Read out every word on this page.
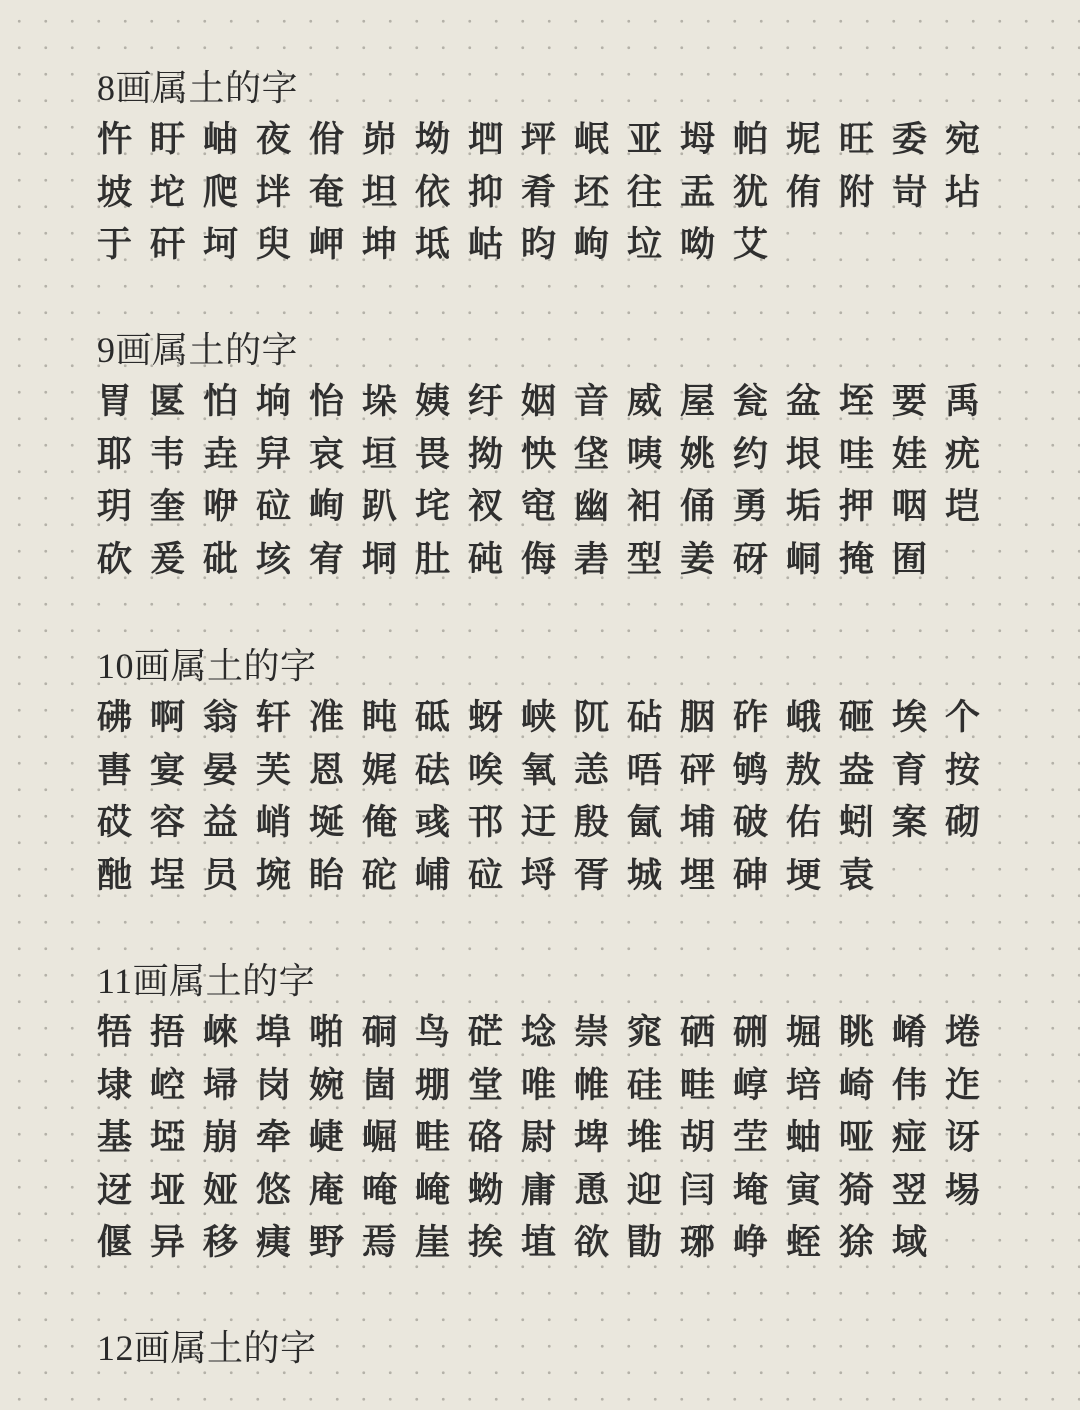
8画属土的字
忤 盱 岫 夜 佾 峁 坳 垇 坪 岷 亚 坶 帕 坭 旺 委 宛
坡 坨 爬 坢 奄 坦 依 抑 肴 坯 往 盂 犹 侑 附 岢 坫
于 矸 坷 臾 岬 坤 坻 岵 昀 岣 垃 呦 艾
9画属土的字
胃 匽 怕 垧 怡 垛 姨 纡 姻 音 威 屋 瓮 盆 垤 要 禹
耶 韦 垚 舁 哀 垣 畏 拗 怏 垡 咦 姚 约 垠 哇 娃 疣
玥 奎 咿 砬 峋 趴 垞 衩 窀 幽 衵 俑 勇 垢 押 咽 垲
砍 爰 砒 垓 宥 垌 肚 砘 侮 砉 型 姜 砑 峒 掩 囿
10画属土的字
砩 啊 翁 轩 准 盹 砥 蚜 峡 阢 砧 胭 砟 峨 砸 埃 个
軎 宴 晏 芙 恩 娓 砝 唉 氧 恙 唔 砰 鸲 敖 盎 育 按
砹 容 益 峭 埏 俺 彧 邗 迂 殷 氤 埔 破 佑 蚓 案 砌
酏 埕 员 埦 眙 砣 峬 砬 埒 胥 城 埋 砷 埂 袁
11画属土的字
牾 捂 崍 埠 啪 硐 鸟 硭 埝 崇 窕 硒 硎 堀 眺 崤 埢
埭 崆 埽 岗 婉 崮 堋 堂 唯 帷 硅 畦 崞 培 崎 伟 迮
基 埡 崩 牵 崨 崛 畦 硌 尉 埤 堆 胡 茔 蚰 哑 痖 讶
迓 垭 娅 悠 庵 唵 崦 蚴 庸 恿 迎 闫 埯 寅 猗 翌 埸
偃 异 移 痍 野 焉 崖 挨 埴 欲 勖 琊 峥 蛭 狳 域
12画属土的字
